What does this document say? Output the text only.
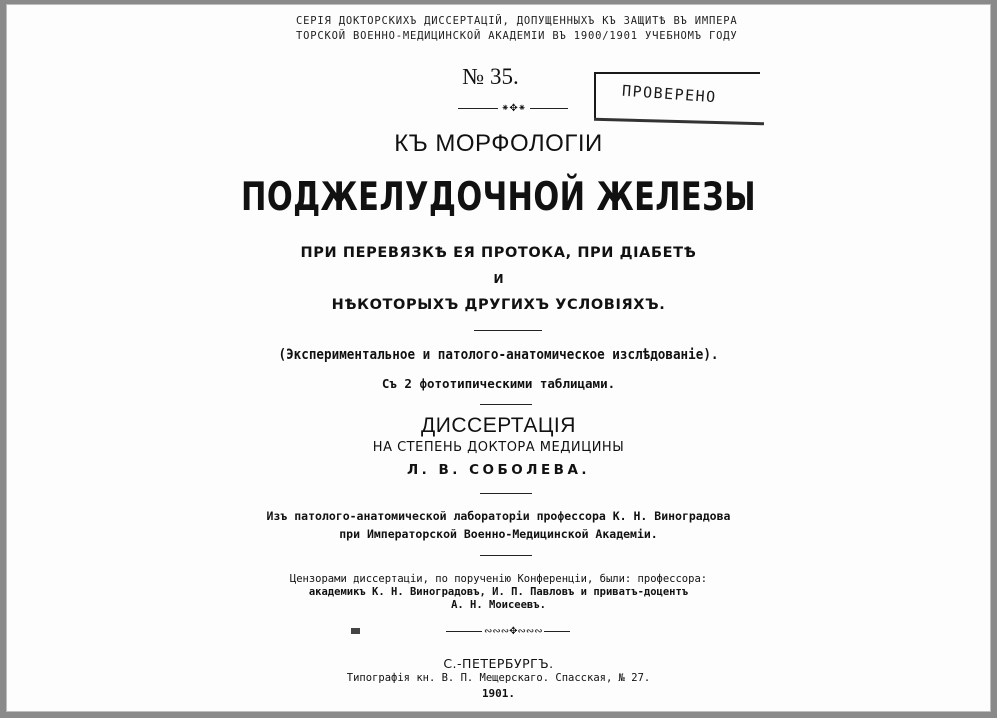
СЕРІЯ ДОКТОРСКИХЪ ДИССЕРТАЦІЙ, ДОПУЩЕННЫХЪ КЪ ЗАЩИТѢ ВЪ ИМПЕРА
ТОРСКОЙ ВОЕННО-МЕДИЦИНСКОЙ АКАДЕМІИ ВЪ 1900/1901 УЧЕБНОМЪ ГОДУ
№ 35.
ПРОВЕРЕНО
⁕✥⁕
КЪ МОРФОЛОГІИ
ПОДЖЕЛУДОЧНОЙ ЖЕЛЕЗЫ
ПРИ ПЕРЕВЯЗКѢ ЕЯ ПРОТОКА, ПРИ ДІАБЕТѢ
И
НѢКОТОРЫХЪ ДРУГИХЪ УСЛОВІЯХЪ.
(Экспериментальное и патолого-анатомическое изслѣдованіе).
Съ 2 фототипическими таблицами.
ДИССЕРТАЦІЯ
НА СТЕПЕНЬ ДОКТОРА МЕДИЦИНЫ
Л. В. СОБОЛЕВА.
Изъ патолого-анатомической лабораторіи профессора К. Н. Виноградова
при Императорской Военно-Медицинской Академіи.
Цензорами диссертаціи, по порученію Конференціи, были: профессора:
академикъ К. Н. Виноградовъ, И. П. Павловъ и приватъ-доцентъ
А. Н. Моисеевъ.
∾∾∾✥∾∾∾
С.-ПЕТЕРБУРГЪ.
Типографія кн. В. П. Мещерскаго. Спасская, № 27.
1901.
